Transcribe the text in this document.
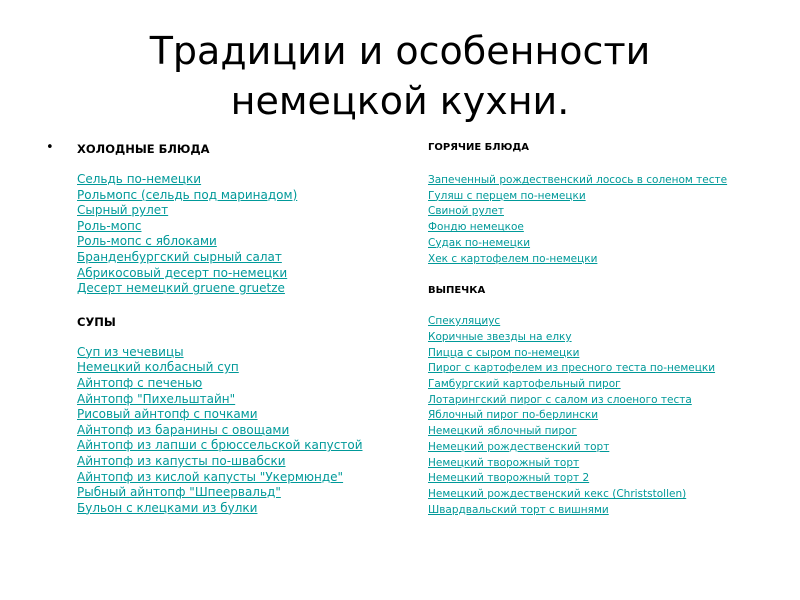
Традиции и особенности
немецкой кухни.
•	ХОЛОДНЫЕ БЛЮДА
Сельдь по-немецки
Рольмопс (сельдь под маринадом)
Сырный рулет
Роль-мопс
Роль-мопс с яблоками
Бранденбургский сырный салат
Абрикосовый десерт по-немецки
Десерт немецкий gruene gruetze
СУПЫ
Суп из чечевицы
Немецкий колбасный суп
Айнтопф с печенью
Айнтопф "Пихельштайн"
Рисовый айнтопф с почками
Айнтопф из баранины с овощами
Айнтопф из лапши с брюссельской капустой
Айнтопф из капусты по-швабски
Айнтопф из кислой капусты "Укермюнде"
Рыбный айнтопф "Шпеервальд"
Бульон с клецками из булки
ГОРЯЧИЕ БЛЮДА
Запеченный рождественский лосось в соленом тесте
Гуляш с перцем по-немецки
Свиной рулет
Фондю немецкое
Судак по-немецки
Хек с картофелем по-немецки
ВЫПЕЧКА
Спекуляциус
Коричные звезды на елку
Пицца с сыром по-немецки
Пирог с картофелем из пресного теста по-немецки
Гамбургский картофельный пирог
Лотарингский пирог с салом из слоеного теста
Яблочный пирог по-берлински
Немецкий яблочный пирог
Немецкий рождественский торт
Немецкий творожный торт
Немецкий творожный торт 2
Немецкий рождественский кекс (Christstollen)
Швардвальский торт с вишнями
